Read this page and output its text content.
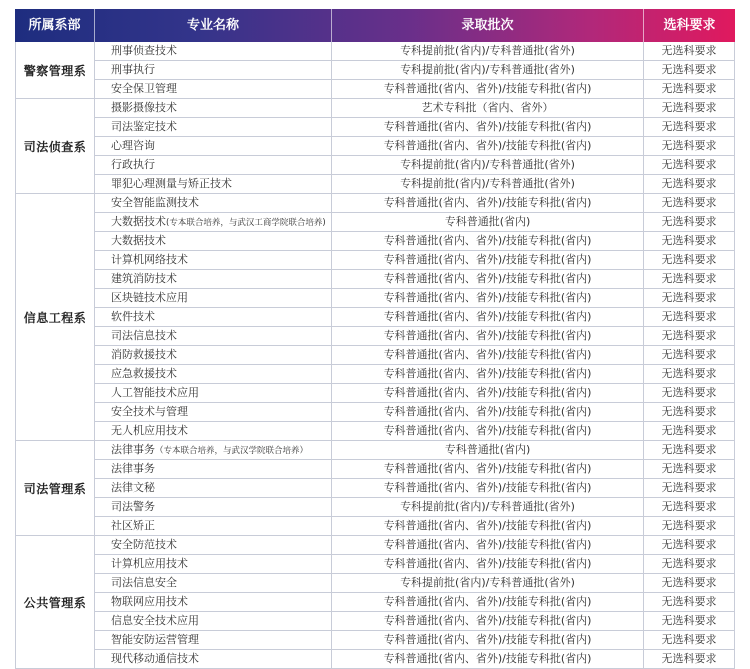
所属系部	专业名称	录取批次	选科要求
警察管理系
刑事侦查技术	专科提前批(省内)/专科普通批(省外)	无选科要求
刑事执行	专科提前批(省内)/专科普通批(省外)	无选科要求
安全保卫管理	专科普通批(省内、省外)/技能专科批(省内)	无选科要求
司法侦查系
摄影摄像技术	艺术专科批（省内、省外）	无选科要求
司法鉴定技术	专科普通批(省内、省外)/技能专科批(省内)	无选科要求
心理咨询	专科普通批(省内、省外)/技能专科批(省内)	无选科要求
行政执行	专科提前批(省内)/专科普通批(省外)	无选科要求
罪犯心理测量与矫正技术	专科提前批(省内)/专科普通批(省外)	无选科要求
信息工程系
安全智能监测技术	专科普通批(省内、省外)/技能专科批(省内)	无选科要求
大数据技术(专本联合培养，与武汉工商学院联合培养)	专科普通批(省内)	无选科要求
大数据技术	专科普通批(省内、省外)/技能专科批(省内)	无选科要求
计算机网络技术	专科普通批(省内、省外)/技能专科批(省内)	无选科要求
建筑消防技术	专科普通批(省内、省外)/技能专科批(省内)	无选科要求
区块链技术应用	专科普通批(省内、省外)/技能专科批(省内)	无选科要求
软件技术	专科普通批(省内、省外)/技能专科批(省内)	无选科要求
司法信息技术	专科普通批(省内、省外)/技能专科批(省内)	无选科要求
消防救援技术	专科普通批(省内、省外)/技能专科批(省内)	无选科要求
应急救援技术	专科普通批(省内、省外)/技能专科批(省内)	无选科要求
人工智能技术应用	专科普通批(省内、省外)/技能专科批(省内)	无选科要求
安全技术与管理	专科普通批(省内、省外)/技能专科批(省内)	无选科要求
无人机应用技术	专科普通批(省内、省外)/技能专科批(省内)	无选科要求
司法管理系
法律事务（专本联合培养，与武汉学院联合培养）	专科普通批(省内)	无选科要求
法律事务	专科普通批(省内、省外)/技能专科批(省内)	无选科要求
法律文秘	专科普通批(省内、省外)/技能专科批(省内)	无选科要求
司法警务	专科提前批(省内)/专科普通批(省外)	无选科要求
社区矫正	专科普通批(省内、省外)/技能专科批(省内)	无选科要求
公共管理系
安全防范技术	专科普通批(省内、省外)/技能专科批(省内)	无选科要求
计算机应用技术	专科普通批(省内、省外)/技能专科批(省内)	无选科要求
司法信息安全	专科提前批(省内)/专科普通批(省外)	无选科要求
物联网应用技术	专科普通批(省内、省外)/技能专科批(省内)	无选科要求
信息安全技术应用	专科普通批(省内、省外)/技能专科批(省内)	无选科要求
智能安防运营管理	专科普通批(省内、省外)/技能专科批(省内)	无选科要求
现代移动通信技术	专科普通批(省内、省外)/技能专科批(省内)	无选科要求
